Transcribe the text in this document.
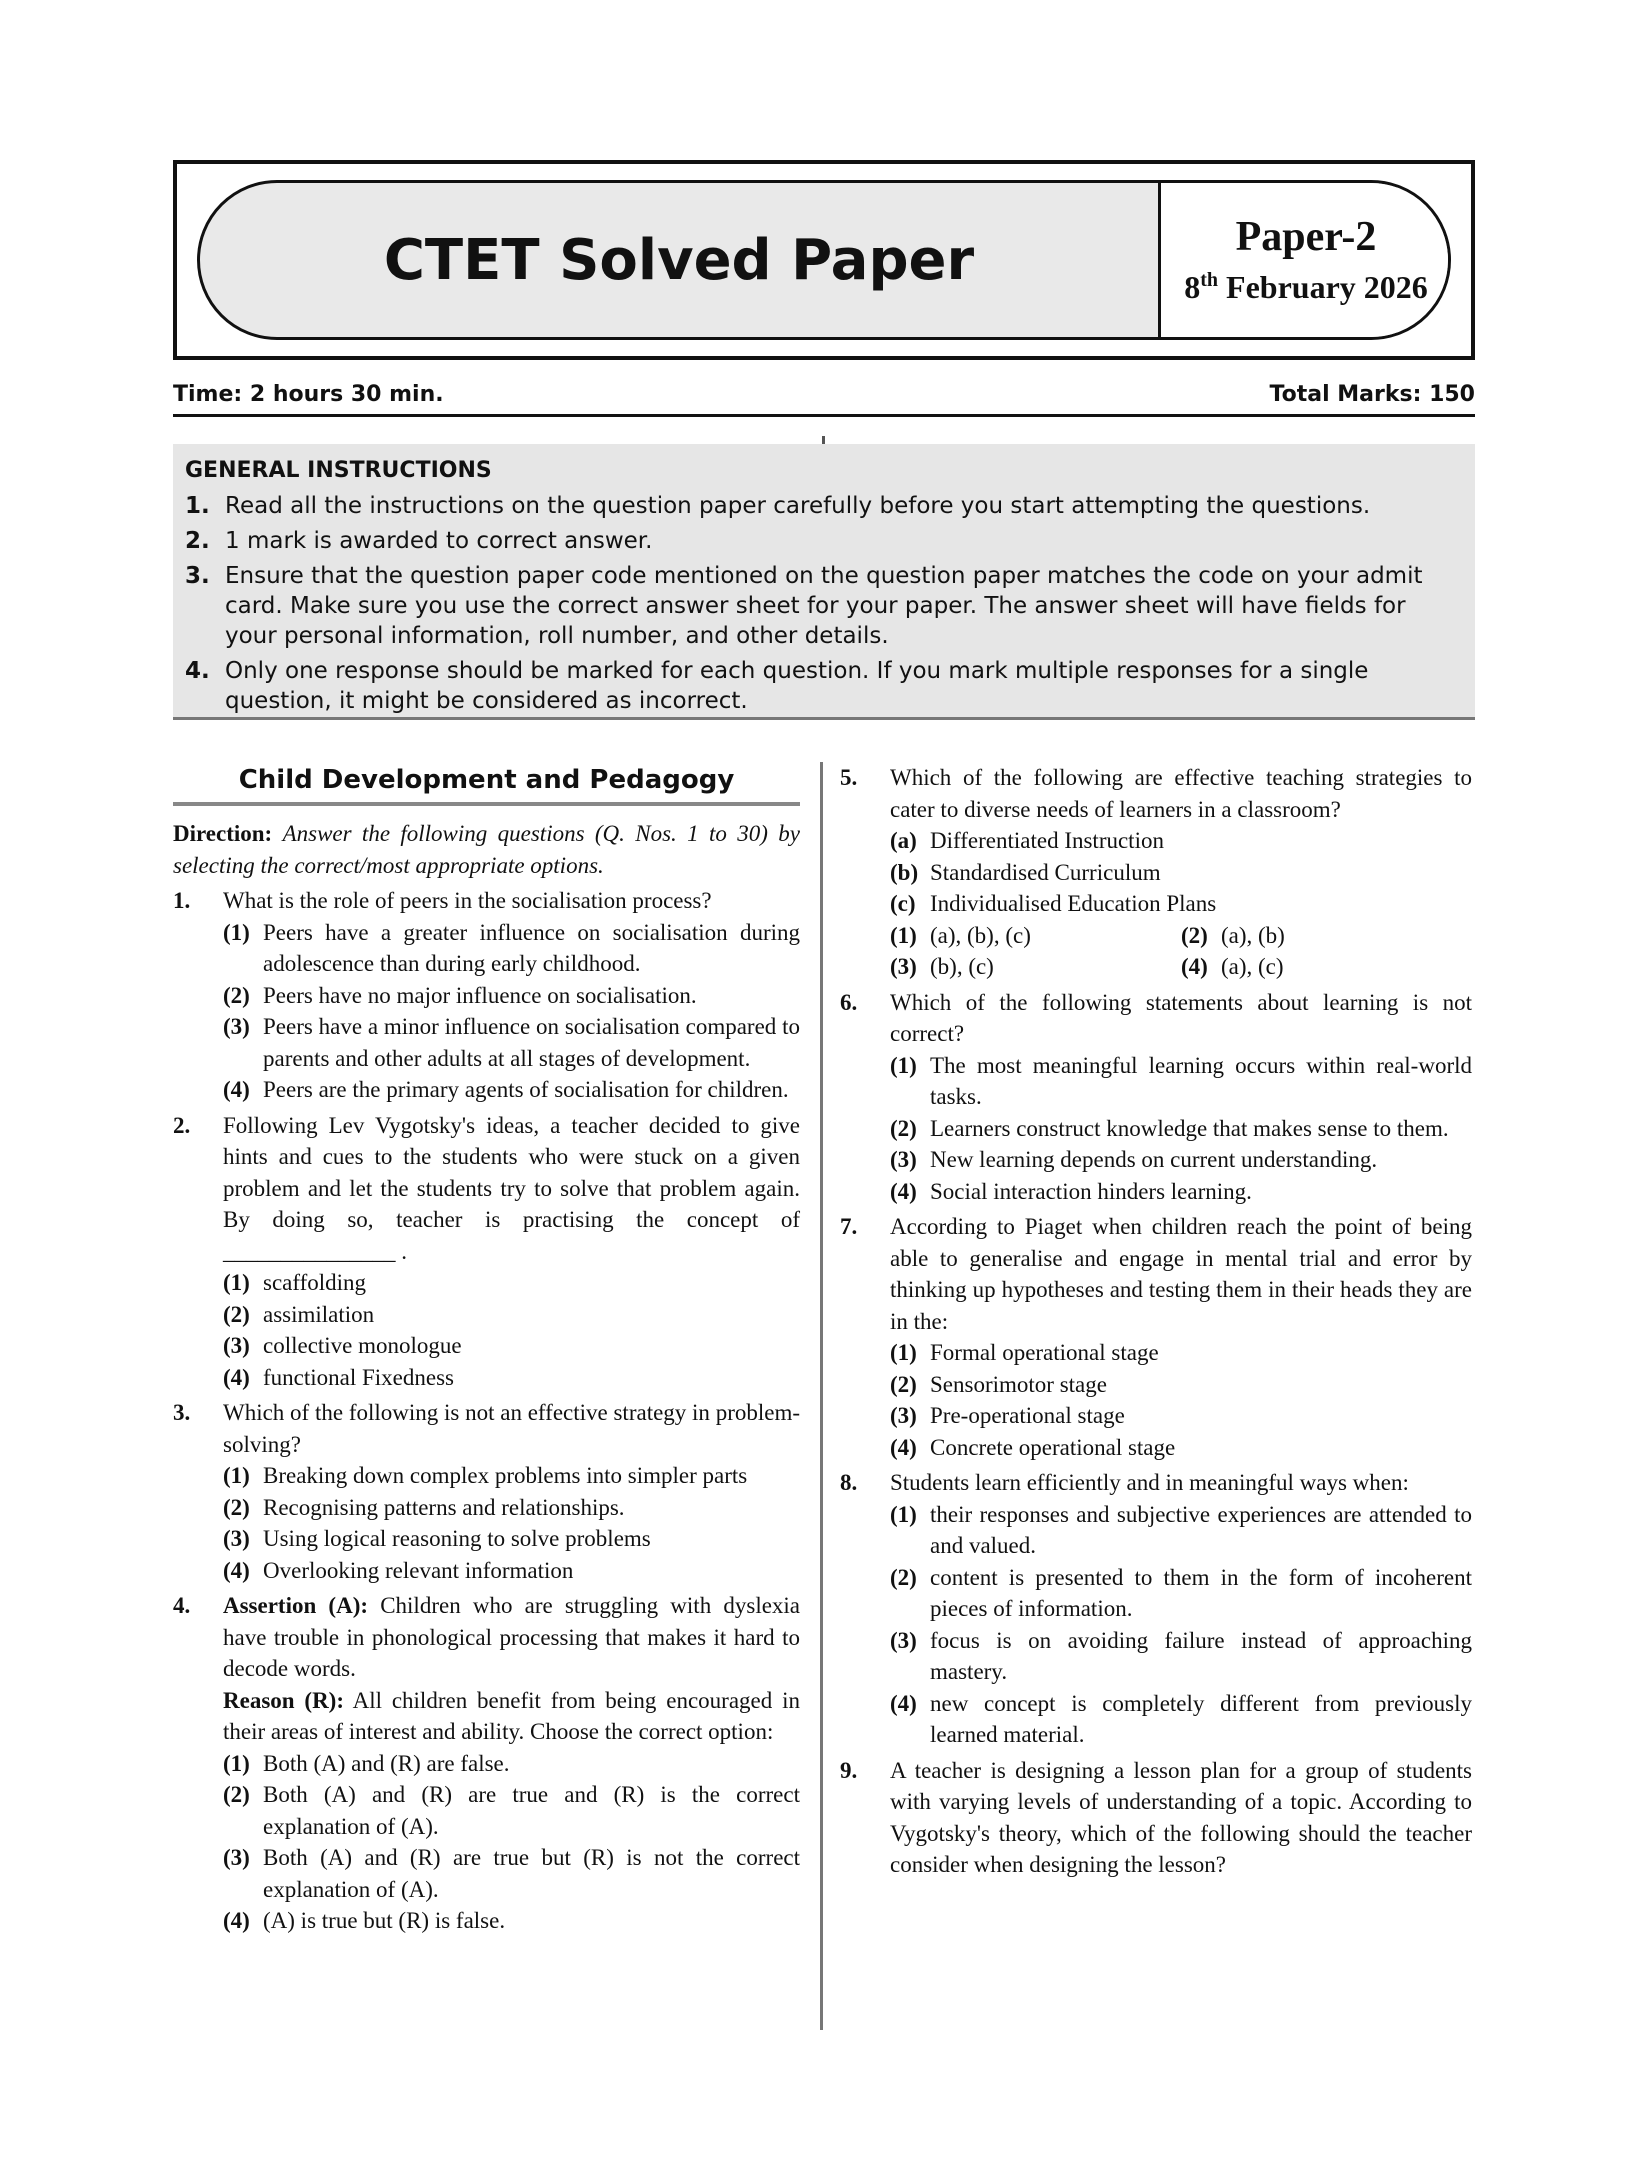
CTET Solved Paper	Paper-2
8th February 2026
Time: 2 hours 30 min.	Total Marks: 150
GENERAL INSTRUCTIONS
1. Read all the instructions on the question paper carefully before you start attempting the questions.
2. 1 mark is awarded to correct answer.
3. Ensure that the question paper code mentioned on the question paper matches the code on your admit card. Make sure you use the correct answer sheet for your paper. The answer sheet will have fields for your personal information, roll number, and other details.
4. Only one response should be marked for each question. If you mark multiple responses for a single question, it might be considered as incorrect.
Child Development and Pedagogy
Direction: Answer the following questions (Q. Nos. 1 to 30) by selecting the correct/most appropriate options.
1.	What is the role of peers in the socialisation process?
(1) Peers have a greater influence on socialisation during adolescence than during early childhood.
(2) Peers have no major influence on socialisation.
(3) Peers have a minor influence on socialisation compared to parents and other adults at all stages of development.
(4) Peers are the primary agents of socialisation for children.
2.	Following Lev Vygotsky's ideas, a teacher decided to give hints and cues to the students who were stuck on a given problem and let the students try to solve that problem again. By doing so, teacher is practising the concept of _______________ .
(1) scaffolding
(2) assimilation
(3) collective monologue
(4) functional Fixedness
3.	Which of the following is not an effective strategy in problem-solving?
(1) Breaking down complex problems into simpler parts
(2) Recognising patterns and relationships.
(3) Using logical reasoning to solve problems
(4) Overlooking relevant information
4.	Assertion (A): Children who are struggling with dyslexia have trouble in phonological processing that makes it hard to decode words.
Reason (R): All children benefit from being encouraged in their areas of interest and ability. Choose the correct option:
(1) Both (A) and (R) are false.
(2) Both (A) and (R) are true and (R) is the correct explanation of (A).
(3) Both (A) and (R) are true but (R) is not the correct explanation of (A).
(4) (A) is true but (R) is false.
5.	Which of the following are effective teaching strategies to cater to diverse needs of learners in a classroom?
(a) Differentiated Instruction
(b) Standardised Curriculum
(c) Individualised Education Plans
(1) (a), (b), (c)	(2) (a), (b)
(3) (b), (c)	(4) (a), (c)
6.	Which of the following statements about learning is not correct?
(1) The most meaningful learning occurs within real-world tasks.
(2) Learners construct knowledge that makes sense to them.
(3) New learning depends on current understanding.
(4) Social interaction hinders learning.
7.	According to Piaget when children reach the point of being able to generalise and engage in mental trial and error by thinking up hypotheses and testing them in their heads they are in the:
(1) Formal operational stage
(2) Sensorimotor stage
(3) Pre-operational stage
(4) Concrete operational stage
8.	Students learn efficiently and in meaningful ways when:
(1) their responses and subjective experiences are attended to and valued.
(2) content is presented to them in the form of incoherent pieces of information.
(3) focus is on avoiding failure instead of approaching mastery.
(4) new concept is completely different from previously learned material.
9.	A teacher is designing a lesson plan for a group of students with varying levels of understanding of a topic. According to Vygotsky's theory, which of the following should the teacher consider when designing the lesson?
